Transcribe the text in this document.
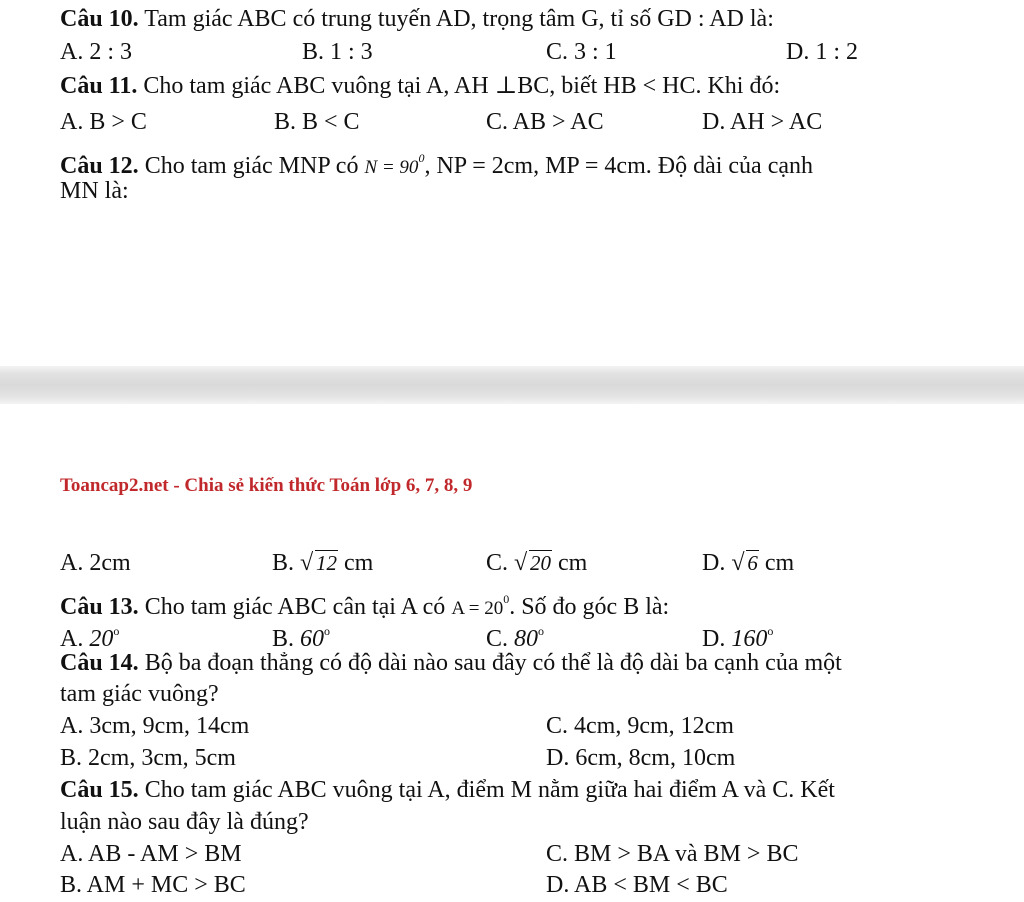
Câu 10. Tam giác ABC có trung tuyến AD, trọng tâm G, tỉ số GD : AD là:
A. 2 : 3	B. 1 : 3	C. 3 : 1	D. 1 : 2
Câu 11. Cho tam giác ABC vuông tại A, AH ⊥BC, biết HB < HC. Khi đó:
A. B > C	B. B < C	C. AB > AC	D. AH > AC
Câu 12. Cho tam giác MNP có $N = 90^0$, NP = 2cm, MP = 4cm. Độ dài của cạnh
MN là:
Toancap2.net - Chia sẻ kiến thức Toán lớp 6, 7, 8, 9
A. 2cm	B. √ 12 cm	C. √ 20 cm	D. √ 6 cm
Câu 13. Cho tam giác ABC cân tại A có $A = 20^0$. Số đo góc B là:
A. 20$^o$	B. 60$^o$	C. 80$^o$	D. 160$^o$
Câu 14. Bộ ba đoạn thẳng có độ dài nào sau đây có thể là độ dài ba cạnh của một
tam giác vuông?
A. 3cm, 9cm, 14cm	C. 4cm, 9cm, 12cm
B. 2cm, 3cm, 5cm	D. 6cm, 8cm, 10cm
Câu 15. Cho tam giác ABC vuông tại A, điểm M nằm giữa hai điểm A và C. Kết
luận nào sau đây là đúng?
A. AB - AM > BM	C. BM > BA và BM > BC
B. AM + MC > BC	D. AB < BM < BC
